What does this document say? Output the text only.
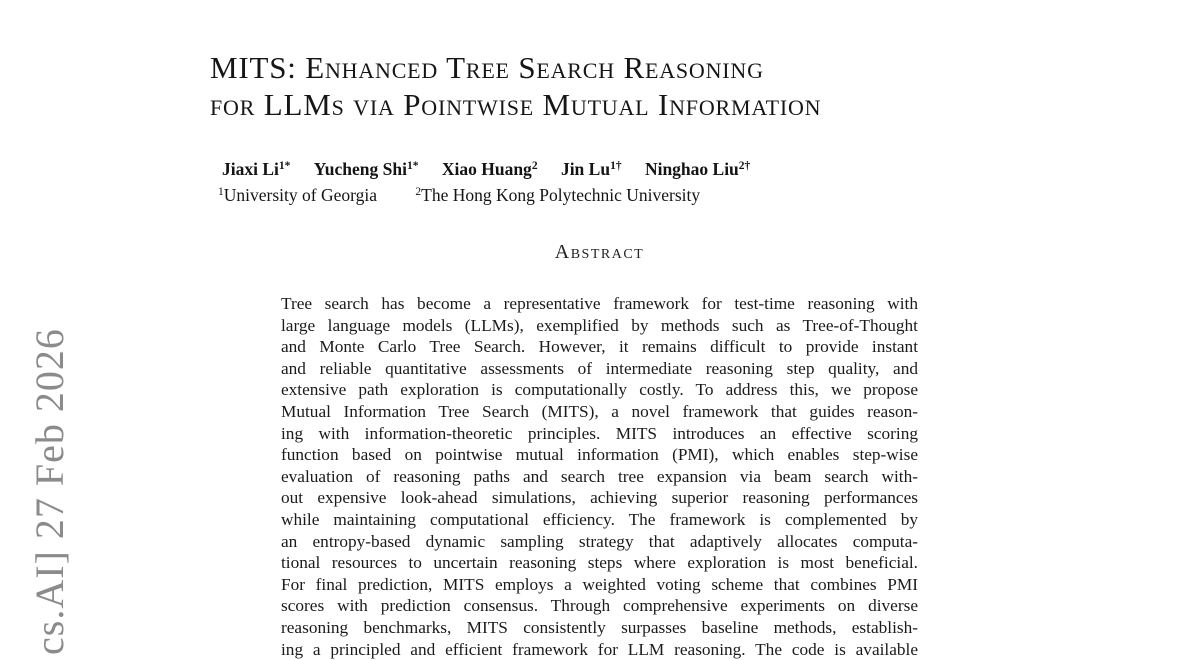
cs.AI] 27 Feb 2026
MITS: Enhanced Tree Search Reasoning
for LLMs via Pointwise Mutual Information
Jiaxi $Li^{1*}$ Yucheng Shi$^{1*}$ Xiao Huang$^2$ Jin $Lu^{1\dagger}$ Ninghao Liu$^{2\dagger}$
$^1$University of Georgia	$^2$The Hong Kong Polytechnic University
Abstract
Tree search has become a representative framework for test-time reasoning with
large language models (LLMs), exemplified by methods such as Tree-of-Thought
and Monte Carlo Tree Search. However, it remains difficult to provide instant
and reliable quantitative assessments of intermediate reasoning step quality, and
extensive path exploration is computationally costly. To address this, we propose
Mutual Information Tree Search (MITS), a novel framework that guides reason-
ing with information-theoretic principles. MITS introduces an effective scoring
function based on pointwise mutual information (PMI), which enables step-wise
evaluation of reasoning paths and search tree expansion via beam search with-
out expensive look-ahead simulations, achieving superior reasoning performances
while maintaining computational efficiency. The framework is complemented by
an entropy-based dynamic sampling strategy that adaptively allocates computa-
tional resources to uncertain reasoning steps where exploration is most beneficial.
For final prediction, MITS employs a weighted voting scheme that combines PMI
scores with prediction consensus. Through comprehensive experiments on diverse
reasoning benchmarks, MITS consistently surpasses baseline methods, establish-
ing a principled and efficient framework for LLM reasoning. The code is available
